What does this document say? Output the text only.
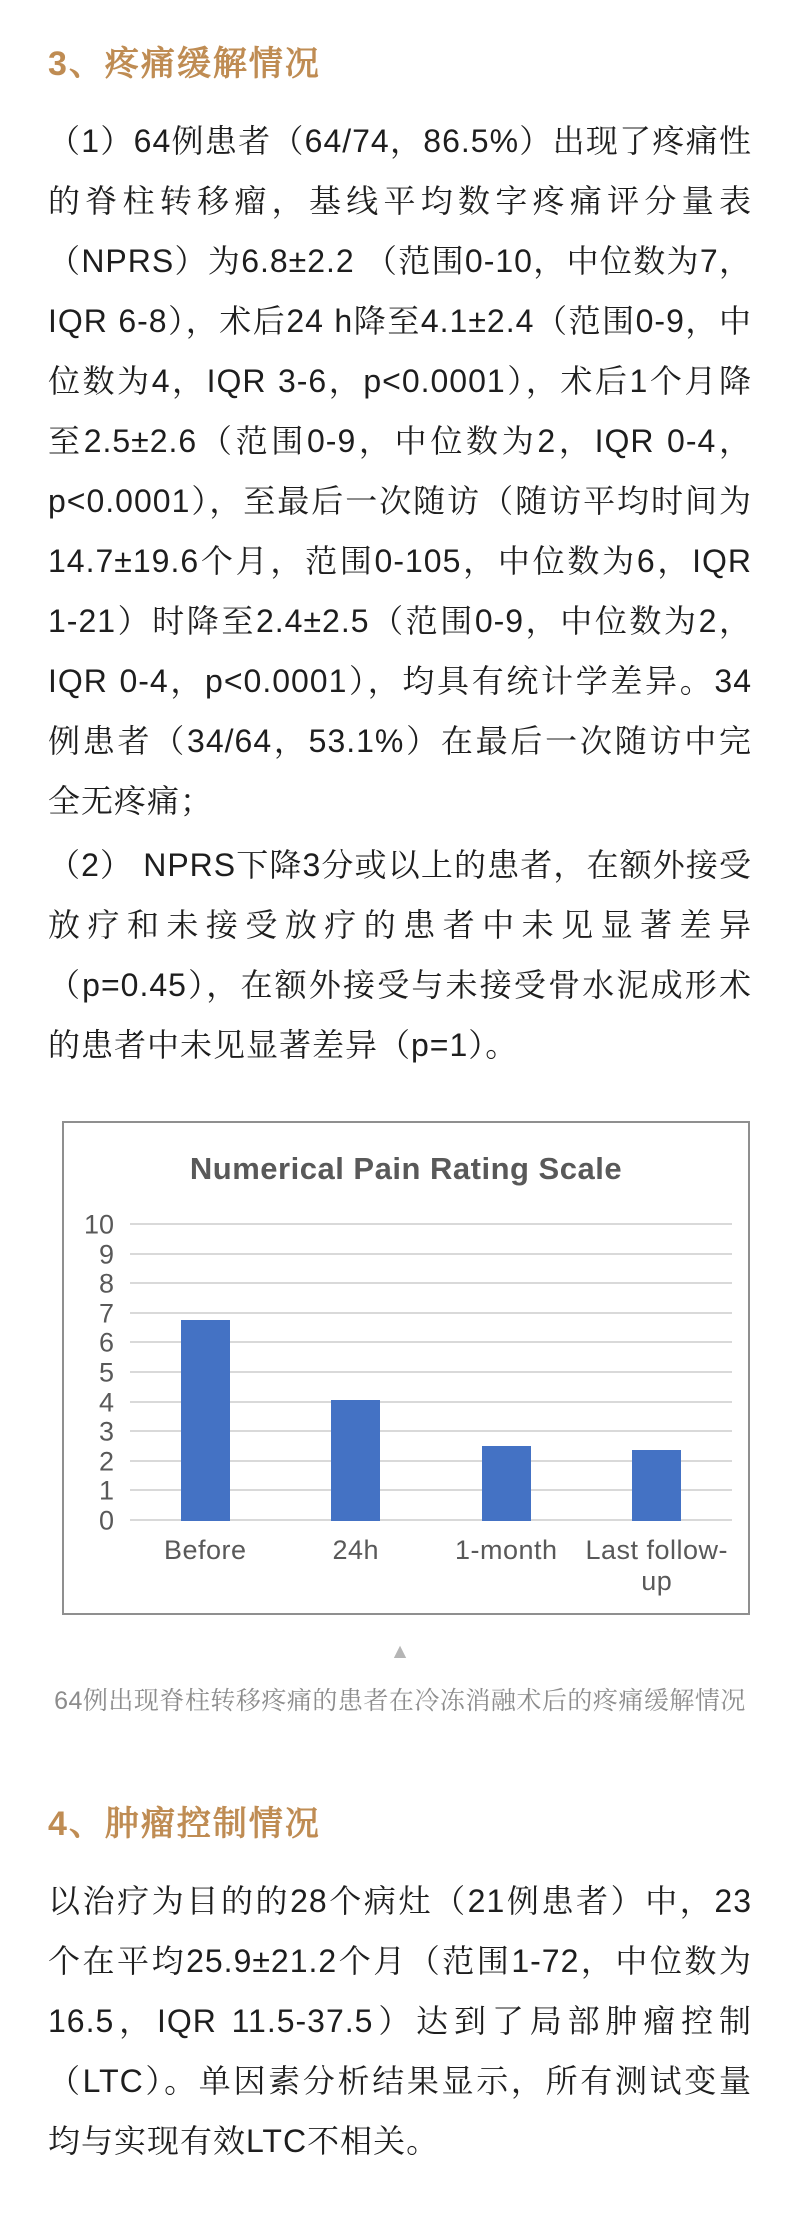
3、疼痛缓解情况

（1）64例患者（64/74，86.5%）出现了疼痛性的脊柱转移瘤，基线平均数字疼痛评分量表（NPRS）为6.8±2.2 （范围0-10，中位数为7，IQR 6-8），术后24 h降至4.1±2.4（范围0-9，中位数为4，IQR 3-6，p<0.0001），术后1个月降至2.5±2.6（范围0-9，中位数为2，IQR 0-4，p<0.0001），至最后一次随访（随访平均时间为14.7±19.6个月，范围0-105，中位数为6，IQR 1-21）时降至2.4±2.5（范围0-9，中位数为2，IQR 0-4，p<0.0001），均具有统计学差异。34例患者（34/64，53.1%）在最后一次随访中完全无疼痛；

（2） NPRS下降3分或以上的患者，在额外接受放疗和未接受放疗的患者中未见显著差异（p=0.45），在额外接受与未接受骨水泥成形术的患者中未见显著差异（p=1）。

Numerical Pain Rating Scale
0
1
2
3
4
5
6
7
8
9
10
Before	24h	1-month	Last follow-up
▲
64例出现脊柱转移疼痛的患者在冷冻消融术后的疼痛缓解情况
4、肿瘤控制情况

以治疗为目的的28个病灶（21例患者）中，23个在平均25.9±21.2个月（范围1-72，中位数为16.5，IQR 11.5-37.5）达到了局部肿瘤控制（LTC）。单因素分析结果显示，所有测试变量均与实现有效LTC不相关。
